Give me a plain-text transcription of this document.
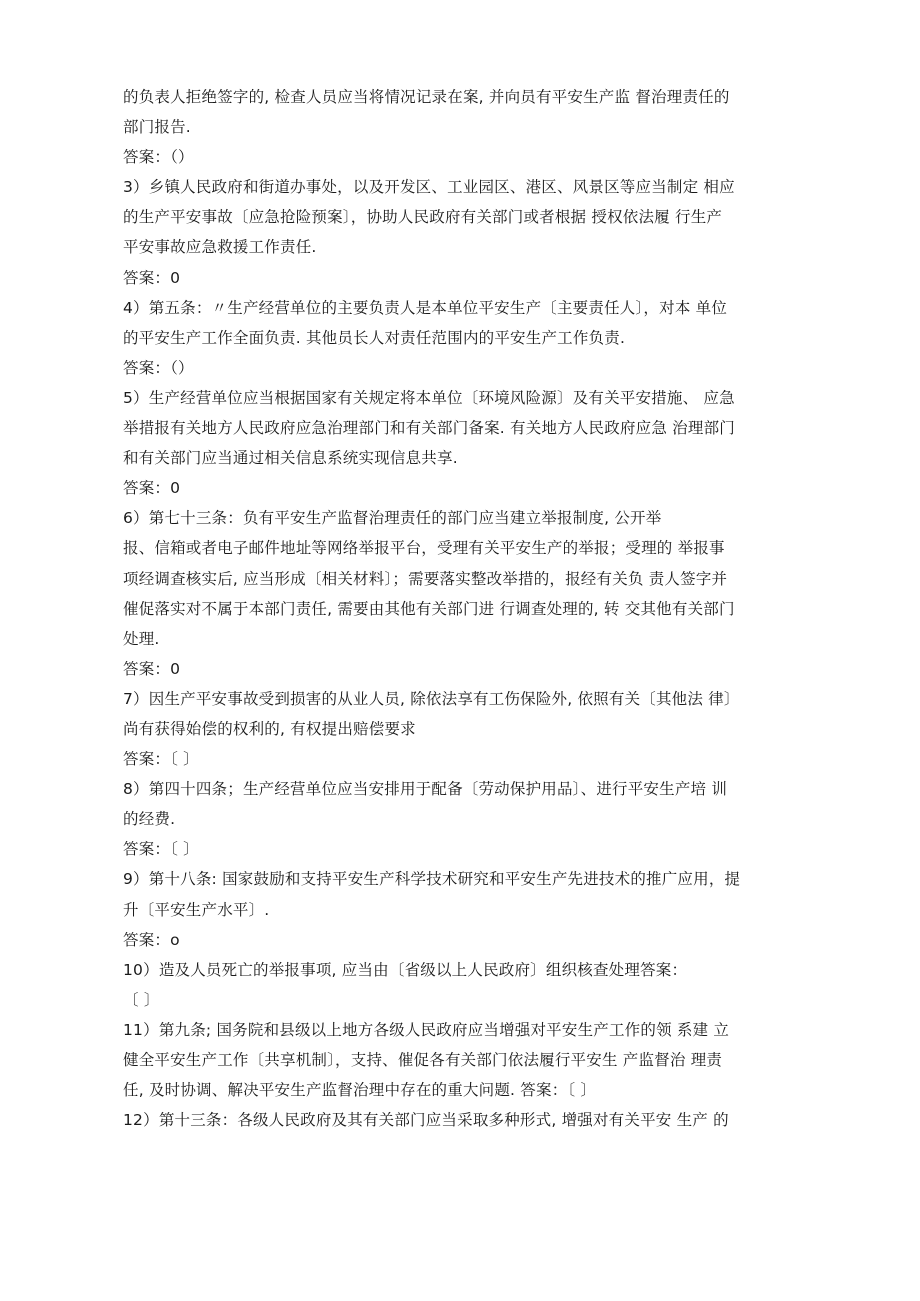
的负表人拒绝签字的, 检查人员应当将情况记录在案, 并向员有平安生产监 督治理责任的
部门报告.
答案：（）
3）乡镇人民政府和街道办事处，以及开发区、工业园区、港区、风景区等应当制定 相应
的生产平安事故〔应急抢险预案〕，协助人民政府有关部门或者根据 授权依法履 行生产
平安事故应急救援工作责任.
答案：0
4）第五条：〃生产经营单位的主要负责人是本单位平安生产〔主要责任人〕，对本 单位
的平安生产工作全面负责. 其他员长人对责任范围内的平安生产工作负责.
答案：（）
5）生产经营单位应当根据国家有关规定将本单位〔环境风险源〕及有关平安措施、 应急
举措报有关地方人民政府应急治理部门和有关部门备案. 有关地方人民政府应急 治理部门
和有关部门应当通过相关信息系统实现信息共享.
答案：0
6）第七十三条：负有平安生产监督治理责任的部门应当建立举报制度, 公开举
报、信箱或者电子邮件地址等网络举报平台，受理有关平安生产的举报；受理的 举报事
项经调查核实后, 应当形成〔相关材料〕；需要落实整改举措的，报经有关负 责人签字并
催促落实对不属于本部门责任, 需要由其他有关部门进 行调查处理的, 转 交其他有关部门
处理.
答案：0
7）因生产平安事故受到损害的从业人员, 除依法享有工伤保险外, 依照有关〔其他法 律〕
尚有获得始偿的权利的, 有权提出赔偿要求
答案：〔 〕
8）第四十四条；生产经营单位应当安排用于配备〔劳动保护用品〕、进行平安生产培 训
的经费.
答案：〔 〕
9）第十八条: 国家鼓励和支持平安生产科学技术研究和平安生产先进技术的推广应用，提
升〔平安生产水平〕.
答案：o
10）造及人员死亡的举报事项, 应当由〔省级以上人民政府〕组织核查处理答案：
〔 〕
11）第九条; 国务院和县级以上地方各级人民政府应当增强对平安生产工作的领 系建 立
健全平安生产工作〔共享机制〕，支持、催促各有关部门依法履行平安生 产监督治 理责
任, 及时协调、解决平安生产监督治理中存在的重大问题. 答案：〔 〕
12）第十三条：各级人民政府及其有关部门应当采取多种形式, 增强对有关平安 生产 的
